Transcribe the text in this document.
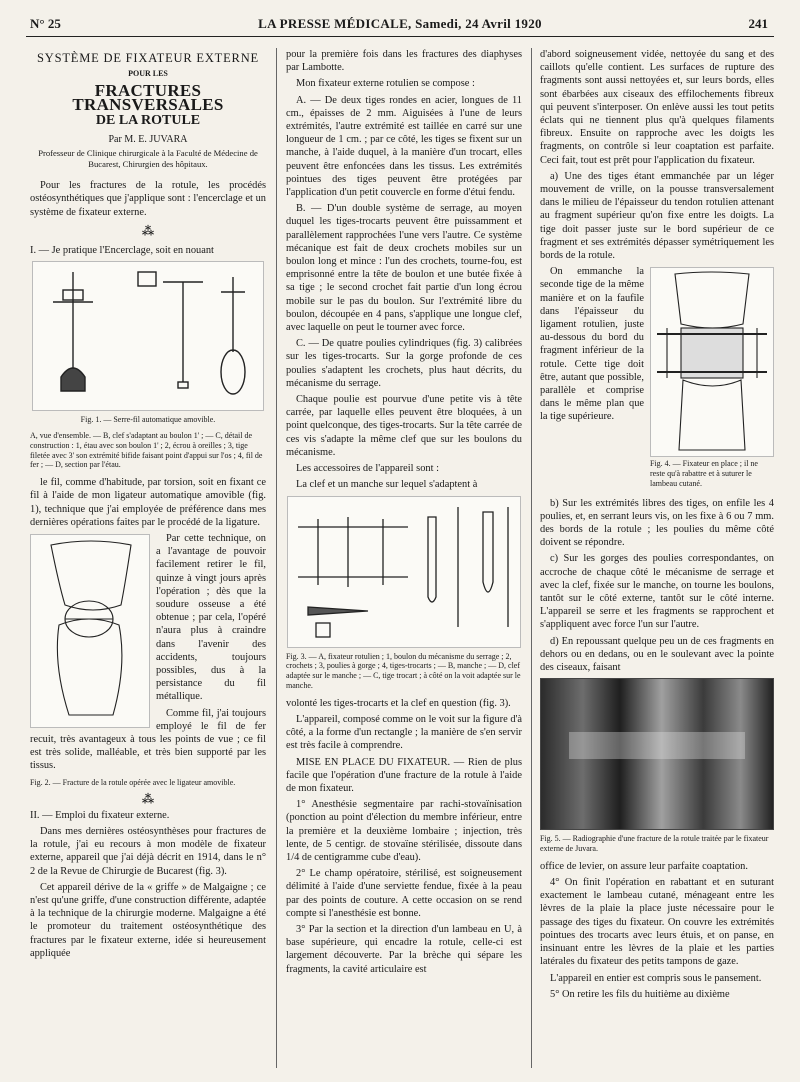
N° 25	LA PRESSE MÉDICALE, Samedi, 24 Avril 1920	241
SYSTÈME DE FIXATEUR EXTERNE
POUR LES
FRACTURES TRANSVERSALES
DE LA ROTULE
Par M. E. JUVARA
Professeur de Clinique chirurgicale à la Faculté de Médecine de Bucarest, Chirurgien des hôpitaux.

Pour les fractures de la rotule, les procédés ostéosynthétiques que j'applique sont : l'encerclage et un système de fixateur externe.

⁂

I. — Je pratique l'Encerclage, soit en nouant

Fig. 1. — Serre-fil automatique amovible.
A, vue d'ensemble. — B, clef s'adaptant au boulon 1' ; — C, détail de construction : 1, étau avec son boulon 1' ; 2, écrou à oreilles ; 3, tige filetée avec 3' son extrémité bifide faisant point d'appui sur l'os ; 4, fil de fer ; — D, section par l'étau.

le fil, comme d'habitude, par torsion, soit en fixant ce fil à l'aide de mon ligateur automatique amovible (fig. 1), technique que j'ai employée de préférence dans mes dernières opérations faites par le procédé de la ligature.

Par cette technique, on a l'avantage de pouvoir facilement retirer le fil, quinze à vingt jours après l'opération ; dès que la soudure osseuse a été obtenue ; par cela, l'opéré n'aura plus à craindre dans l'avenir des accidents, toujours possibles, dus à la persistance du fil métallique.

Comme fil, j'ai toujours employé le fil de fer recuit, très avantageux à tous les points de vue ; ce fil est très solide, malléable, et très bien supporté par les tissus.

Fig. 2. — Fracture de la rotule opérée avec le ligateur amovible.
⁂

II. — Emploi du fixateur externe.

Dans mes dernières ostéosynthèses pour fractures de la rotule, j'ai eu recours à mon modèle de fixateur externe, appareil que j'ai déjà décrit en 1914, dans le n° 2 de la Revue de Chirurgie de Bucarest (fig. 3).

Cet appareil dérive de la « griffe » de Malgaigne ; ce n'est qu'une griffe, d'une construction différente, adaptée à la technique de la chirurgie moderne. Malgaigne a été le promoteur du traitement ostéosynthétique des fractures par le fixateur externe, idée si heureusement appliquée

pour la première fois dans les fractures des diaphyses par Lambotte.

Mon fixateur externe rotulien se compose :

A. — De deux tiges rondes en acier, longues de 11 cm., épaisses de 2 mm. Aiguisées à l'une de leurs extrémités, l'autre extrémité est taillée en carré sur une longueur de 1 cm. ; par ce côté, les tiges se fixent sur un manche, à l'aide duquel, à la manière d'un trocart, elles peuvent être enfoncées dans les tissus. Les extrémités pointues des tiges peuvent être protégées par l'application d'un petit couvercle en forme d'étui fendu.

B. — D'un double système de serrage, au moyen duquel les tiges-trocarts peuvent être puissamment et parallèlement rapprochées l'une vers l'autre. Ce système mécanique est fait de deux crochets mobiles sur un boulon long et mince : l'un des crochets, tourne-fou, est emprisonné entre la tête de boulon et une butée fixée à sa tige ; le second crochet fait partie d'un long écrou mobile sur le pas du boulon. Sur l'extrémité libre du boulon, découpée en 4 pans, s'applique une longue clef, avec laquelle on peut le tourner avec force.

C. — De quatre poulies cylindriques (fig. 3) calibrées sur les tiges-trocarts. Sur la gorge profonde de ces poulies s'adaptent les crochets, plus haut décrits, du mécanisme du serrage.

Chaque poulie est pourvue d'une petite vis à tête carrée, par laquelle elles peuvent être bloquées, à un point quelconque, des tiges-trocarts. Sur la tête carrée de ces vis s'adapte la même clef que sur les boulons du mécanisme.

Les accessoires de l'appareil sont :

La clef et un manche sur lequel s'adaptent à

Fig. 3. — A, fixateur rotulien ; 1, boulon du mécanisme du serrage ; 2, crochets ; 3, poulies à gorge ; 4, tiges-trocarts ; — B, manche ; — D, clef adaptée sur le manche ; — C, tige trocart ; à côté on la voit adaptée sur le manche.

volonté les tiges-trocarts et la clef en question (fig. 3).

L'appareil, composé comme on le voit sur la figure d'à côté, a la forme d'un rectangle ; la manière de s'en servir est très facile à comprendre.

MISE EN PLACE DU FIXATEUR. — Rien de plus facile que l'opération d'une fracture de la rotule à l'aide de mon fixateur.

1° Anesthésie segmentaire par rachi-stovaïnisation (ponction au point d'élection du membre inférieur, entre la première et la deuxième lombaire ; injection, très lente, de 5 centigr. de stovaïne stérilisée, dissoute dans 1/4 de centigramme cube d'eau).

2° Le champ opératoire, stérilisé, est soigneusement délimité à l'aide d'une serviette fendue, fixée à la peau par des points de couture. A cette occasion on se rend compte si l'anesthésie est bonne.

3° Par la section et la direction d'un lambeau en U, à base supérieure, qui encadre la rotule, celle-ci est largement découverte. Par la brèche qui sépare les fragments, la cavité articulaire est

d'abord soigneusement vidée, nettoyée du sang et des caillots qu'elle contient. Les surfaces de rupture des fragments sont aussi nettoyées et, sur leurs bords, elles sont ébarbées aux ciseaux des effilochements fibreux qui peuvent s'interposer. On enlève aussi les tout petits éclats qui ne tiennent plus qu'à quelques filaments fibreux. Ensuite on rapproche avec les doigts les fragments, on contrôle si leur coaptation est parfaite. Ceci fait, tout est prêt pour l'application du fixateur.

a) Une des tiges étant emmanchée par un léger mouvement de vrille, on la pousse transversalement dans le milieu de l'épaisseur du tendon rotulien attenant au fragment supérieur qu'on fixe entre les doigts. La tige doit passer juste sur le bord supérieur de ce fragment et ses extrémités dépasser symétriquement les bords de la rotule.

Fig. 4. — Fixateur en place ; il ne reste qu'à rabattre et à suturer le lambeau cutané.

On emmanche la seconde tige de la même manière et on la faufile dans l'épaisseur du ligament rotulien, juste au-dessous du bord du fragment inférieur de la rotule. Cette tige doit être, autant que possible, parallèle et comprise dans le même plan que la tige supérieure.

b) Sur les extrémités libres des tiges, on enfile les 4 poulies, et, en serrant leurs vis, on les fixe à 6 ou 7 mm. des bords de la rotule ; les poulies du même côté doivent se répondre.

c) Sur les gorges des poulies correspondantes, on accroche de chaque côté le mécanisme de serrage et avec la clef, fixée sur le manche, on tourne les boulons, tantôt sur le côté externe, tantôt sur le côté interne. L'appareil se serre et les fragments se rapprochent et s'appliquent avec force l'un sur l'autre.

d) En repoussant quelque peu un de ces fragments en dehors ou en dedans, ou en le soulevant avec la pointe des ciseaux, faisant

Fig. 5. — Radiographie d'une fracture de la rotule traitée par le fixateur externe de Juvara.

office de levier, on assure leur parfaite coaptation.

4° On finit l'opération en rabattant et en suturant exactement le lambeau cutané, ménageant entre les lèvres de la plaie la place juste nécessaire pour le passage des tiges du fixateur. On couvre les extrémités pointues des trocarts avec leurs étuis, et on panse, en insinuant entre les lèvres de la plaie et les parties latérales du fixateur des petits tampons de gaze.

L'appareil en entier est compris sous le pansement.

5° On retire les fils du huitième au dixième
